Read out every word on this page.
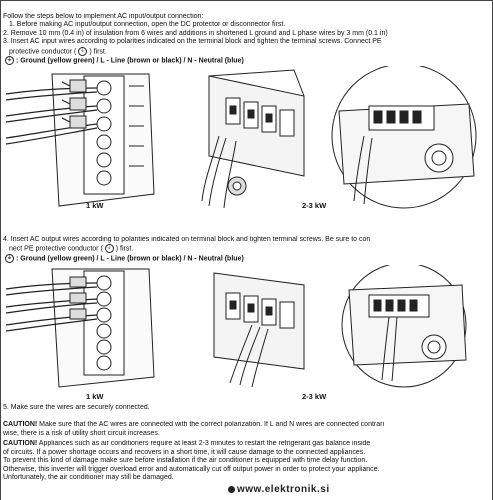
Follow the steps below to implement AC input/output connection:
1. Before making AC input/output connection, open the DC protector or disconnector first.
2. Remove 10 mm (0.4 in) of insulation from 6 wires and additions in shortened L ground and L phase wires by 3 mm (0.1 in)
3. Insert AC input wires according to polarities indicated on the terminal block and tighten the terminal screws. Connect PE
protective conductor ( ⏚ ) first.
⏚ : Ground (yellow green) / L - Line (brown or black) / N - Neutral (blue)
1 kW	2-3 kW
4. Insert AC output wires according to polarities indicated on terminal block and tighten terminal screws. Be sure to con
nect PE protective conductor ( ⏚ ) first.
⏚ : Ground (yellow green) / L - Line (brown or black) / N - Neutral (blue)
1 kW	2-3 kW
5. Make sure the wires are securely connected.
CAUTION! Make sure that the AC wires are connected with the correct polarization. If L and N wires are connected contrari
wise, there is a risk of utility short circuit increases.
CAUTION! Appliances such as air conditioners require at least 2-3 minutes to restart the refrigerant gas balance inside
of circuits. If a power shortage occurs and recovers in a short time, it will cause damage to the connected appliances.
To prevent this kind of damage make sure before installation if the air conditioner is equipped with time delay function.
Otherwise, this inverter will trigger overload error and automatically cut off output power in order to protect your appliance.
Unfortunately, the air conditioner may still be damaged.
www.elektronik.si
